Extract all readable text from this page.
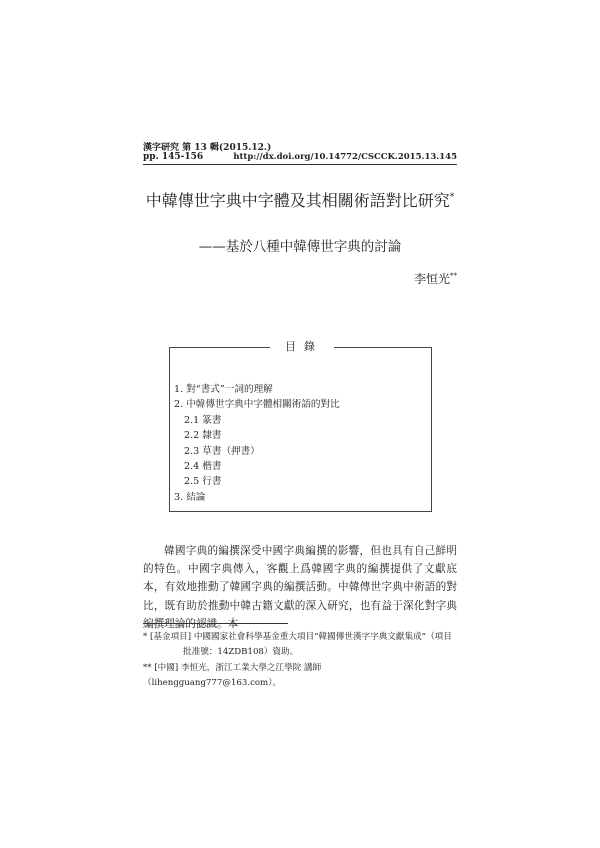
漢字研究 第 13 輯(2015.12.)
pp. 145-156	http://dx.doi.org/10.14772/CSCCK.2015.13.145
中韓傳世字典中字體及其相關術語對比研究*
——基於八種中韓傳世字典的討論
李恒光**
目錄
1. 對“書式”一詞的理解
2. 中韓傳世字典中字體相關術語的對比
2.1 篆書
2.2 隸書
2.3 草書（押書）
2.4 楷書
2.5 行書
3. 結論

韓國字典的編撰深受中國字典編撰的影響，但也具有自己鮮明的特色。中國字典傳入，客觀上爲韓國字典的編撰提供了文獻底本，有效地推動了韓國字典的編撰活動。中韓傳世字典中術語的對比，既有助於推動中韓古籍文獻的深入研究，也有益于深化對字典編撰理論的認識。本

* [基金項目] 中國國家社會科學基金重大項目“韓國傳世漢字字典文獻集成”（項目
批准號：14ZDB108）資助。
** [中國] 李恒光，浙江工業大學之江學院 講師（lihengguang777@163.com）。
